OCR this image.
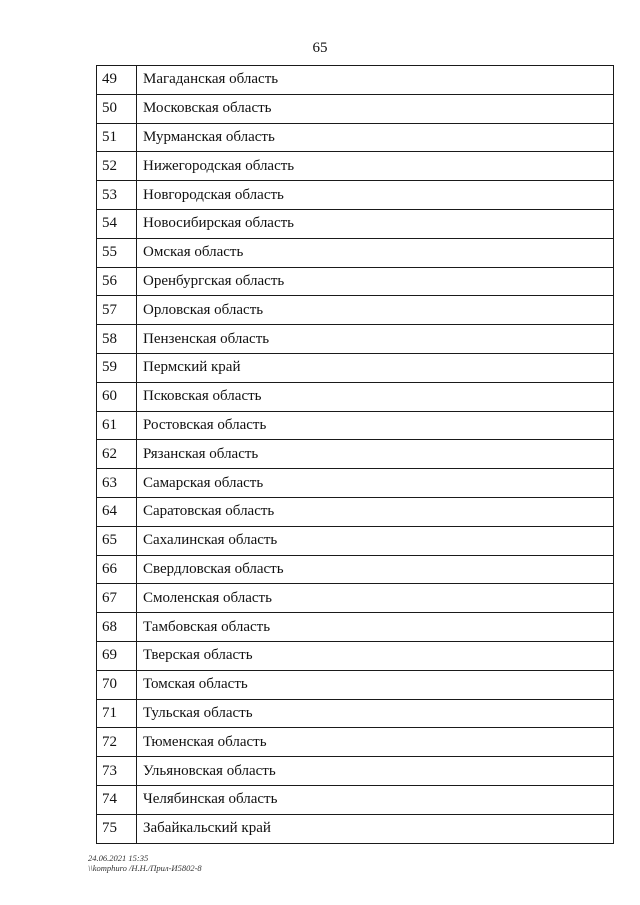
65
49	Магаданская область
50	Московская область
51	Мурманская область
52	Нижегородская область
53	Новгородская область
54	Новосибирская область
55	Омская область
56	Оренбургская область
57	Орловская область
58	Пензенская область
59	Пермский край
60	Псковская область
61	Ростовская область
62	Рязанская область
63	Самарская область
64	Саратовская область
65	Сахалинская область
66	Свердловская область
67	Смоленская область
68	Тамбовская область
69	Тверская область
70	Томская область
71	Тульская область
72	Тюменская область
73	Ульяновская область
74	Челябинская область
75	Забайкальский край
24.06.2021 15:35
\\komphuro /Н.Н./Прил-И5802-8
